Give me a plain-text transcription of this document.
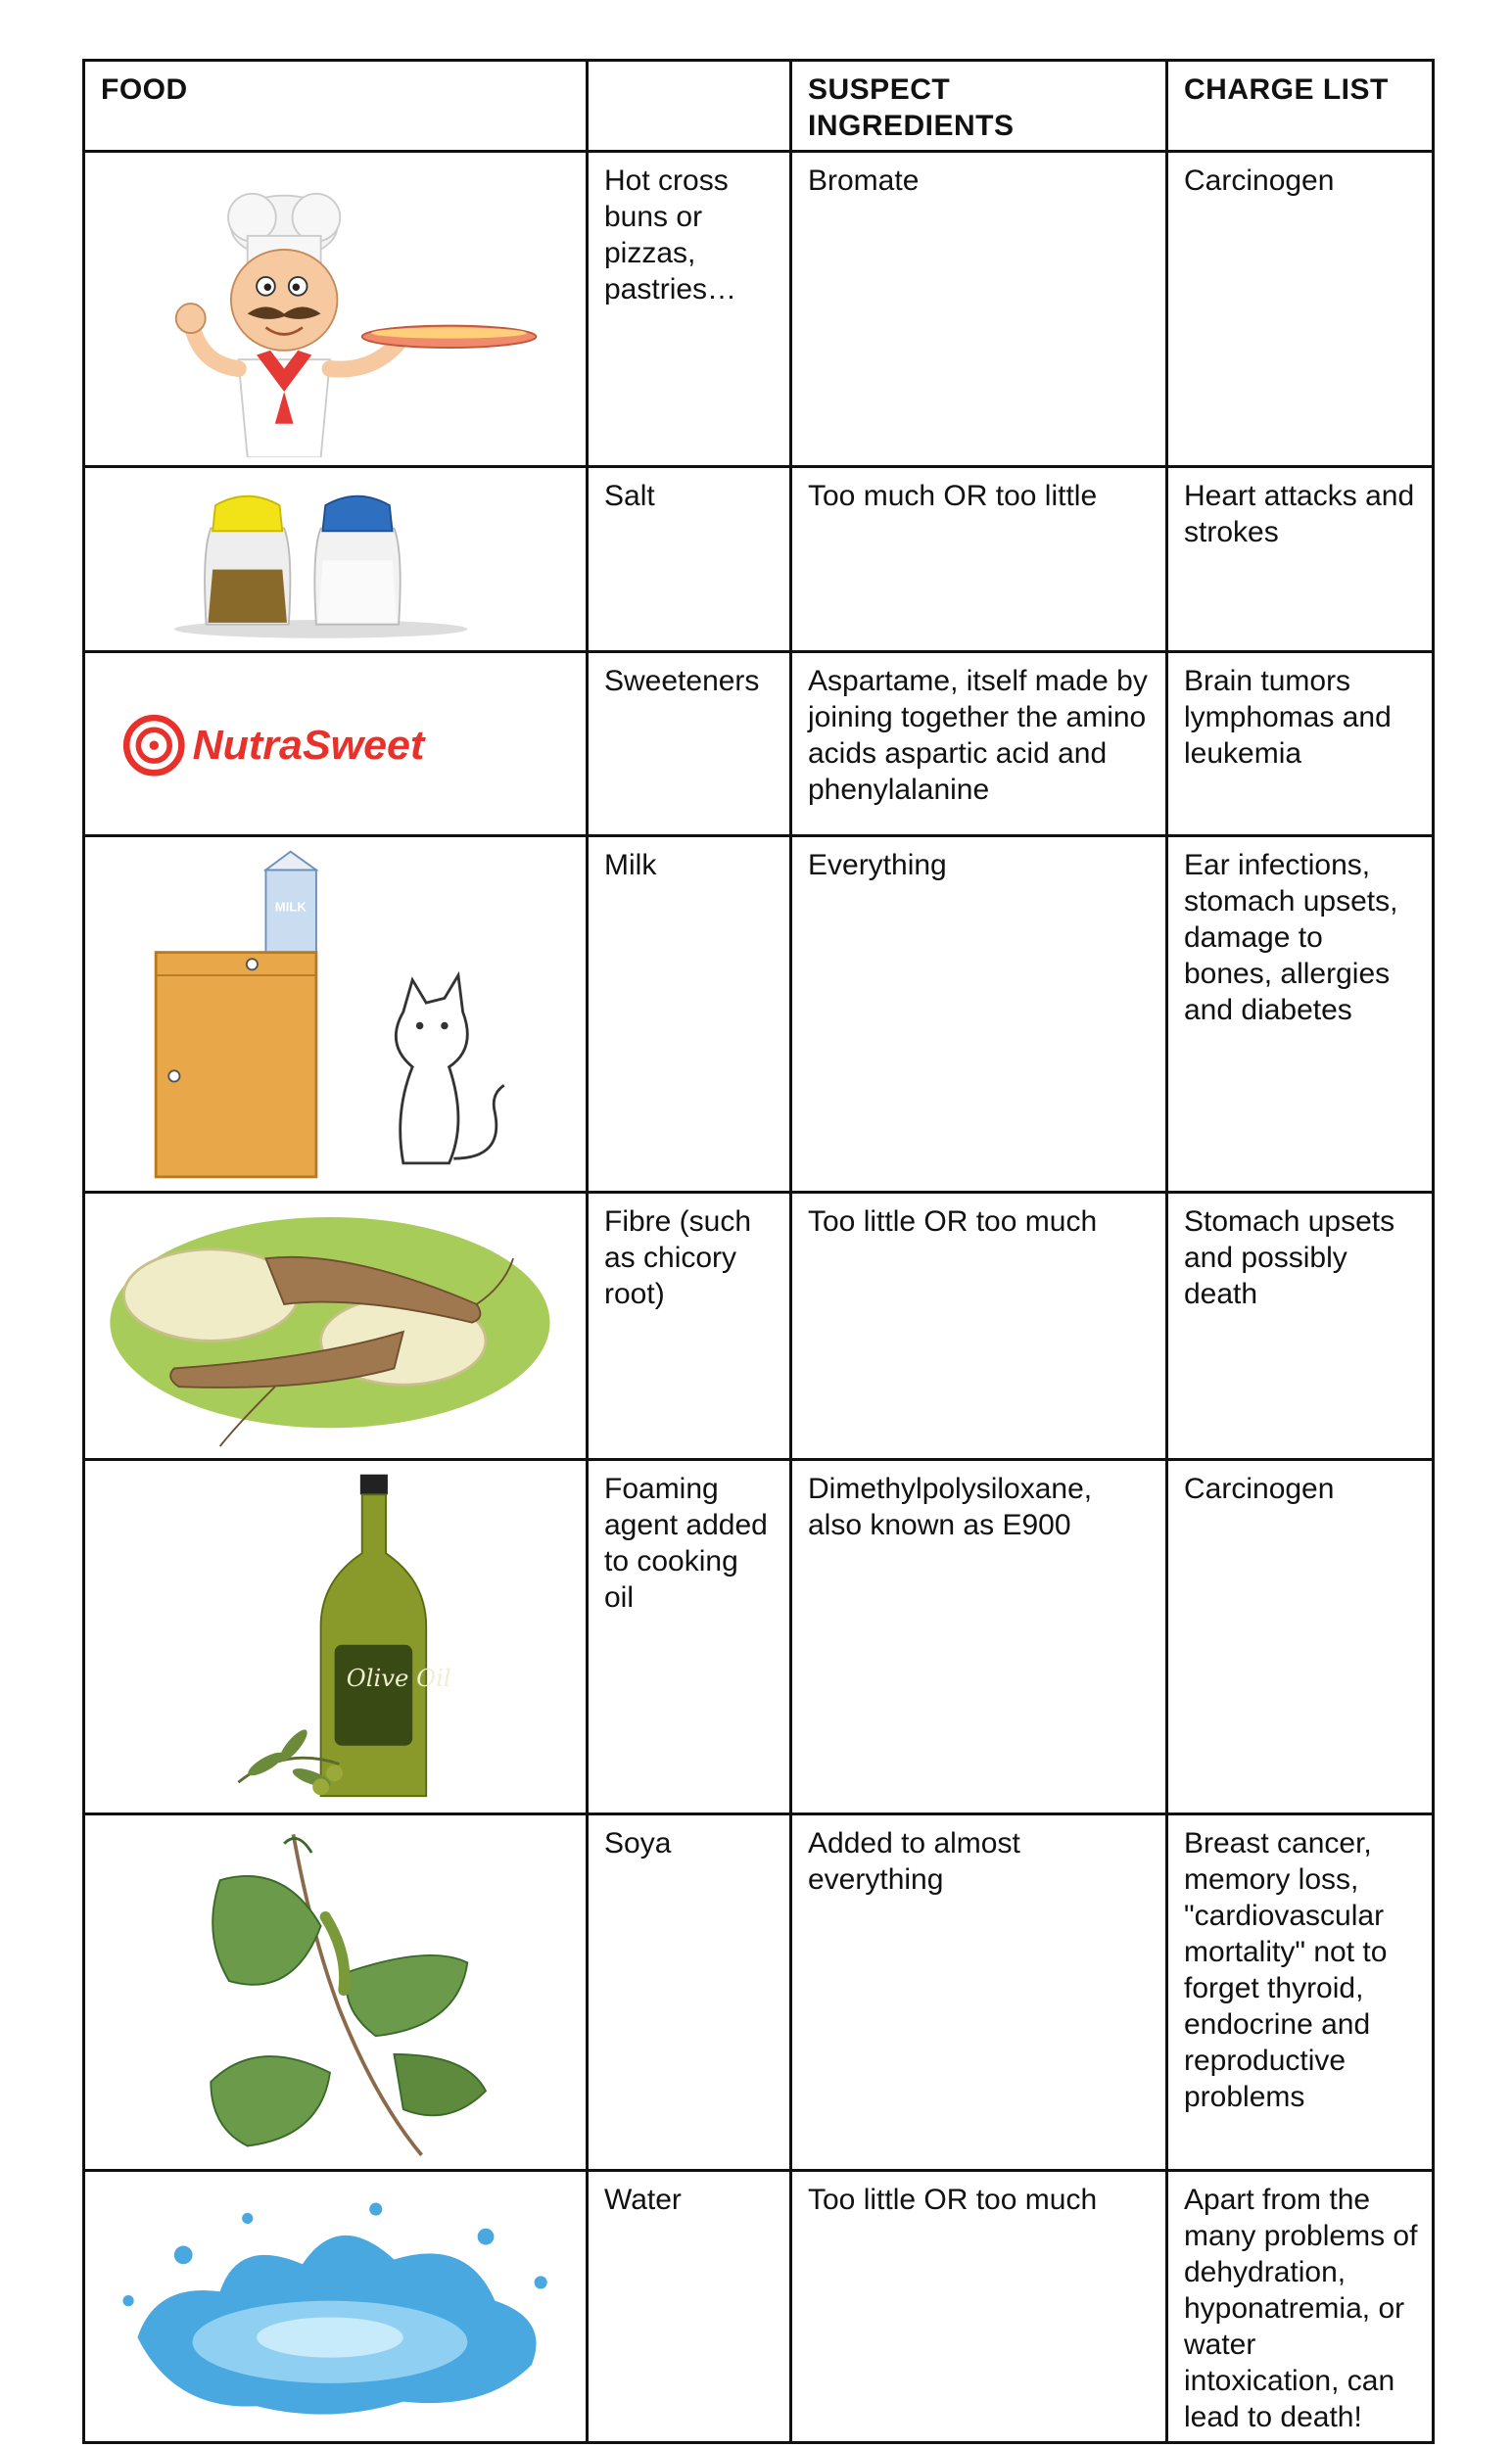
FOOD		SUSPECT INGREDIENTS	CHARGE LIST

	Hot cross buns or pizzas, pastries…	Bromate	Carcinogen

	Salt	Too much OR too little	Heart attacks and strokes

NutraSweet	Sweeteners	Aspartame, itself made by joining together the amino acids aspartic acid and phenylalanine	Brain tumors lymphomas and leukemia

MILK	Milk	Everything	Ear infections, stomach upsets, damage to bones, allergies and diabetes

	Fibre (such as chicory root)	Too little OR too much	Stomach upsets and possibly death

Olive Oil	Foaming agent added to cooking oil	Dimethylpolysiloxane, also known as E900	Carcinogen

	Soya	Added to almost everything	Breast cancer, memory loss, "cardiovascular mortality" not to forget thyroid, endocrine and reproductive problems

	Water	Too little OR too much	Apart from the many problems of dehydration, hyponatremia, or water intoxication, can lead to death!
